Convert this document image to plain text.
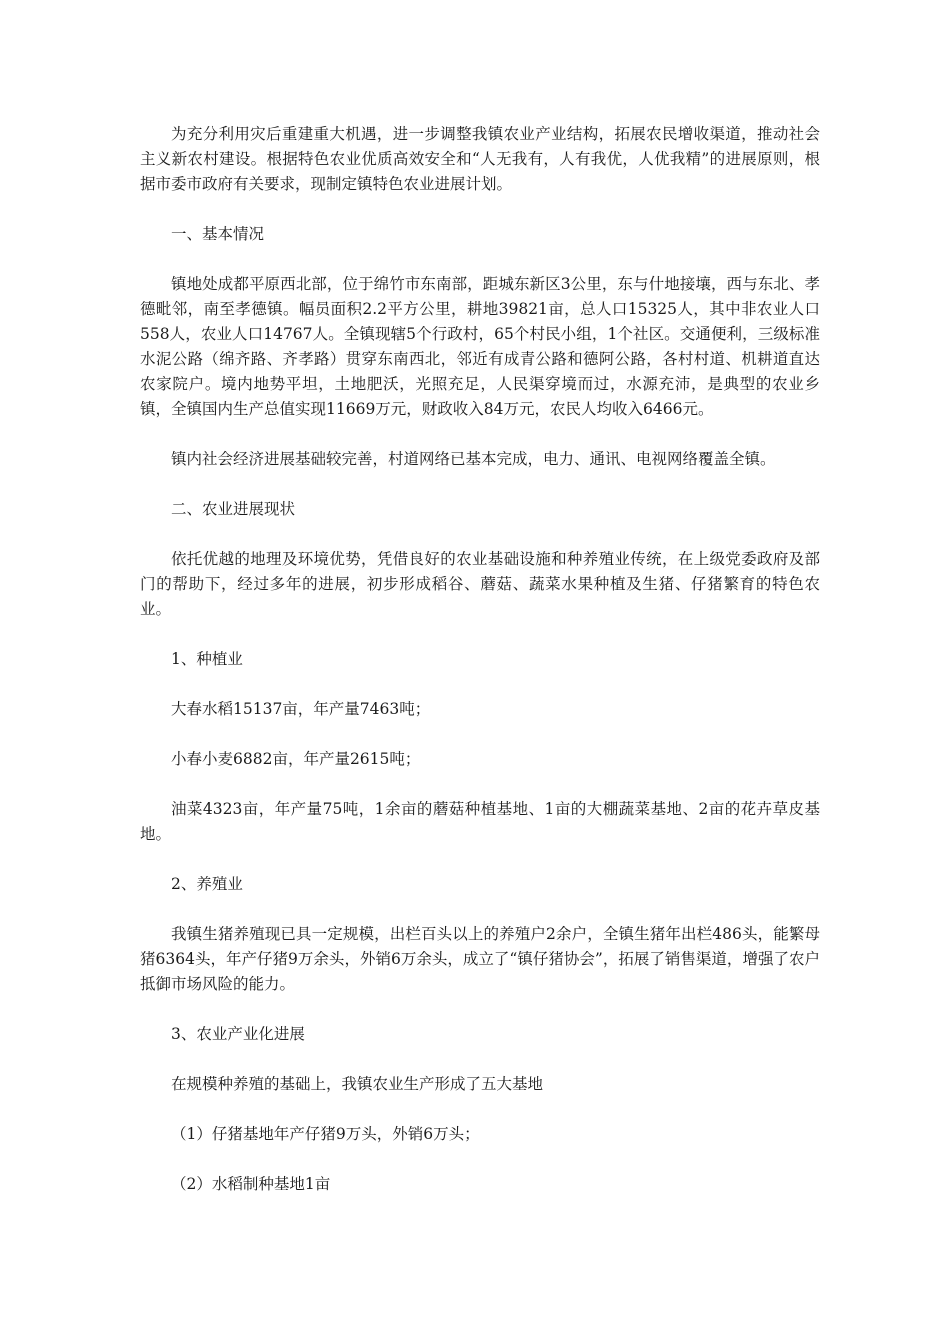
为充分利用灾后重建重大机遇，进一步调整我镇农业产业结构，拓展农民增收渠道，推动社会主义新农村建设。根据特色农业优质高效安全和“人无我有，人有我优，人优我精”的进展原则，根据市委市政府有关要求，现制定镇特色农业进展计划。

一、基本情况

镇地处成都平原西北部，位于绵竹市东南部，距城东新区3公里，东与什地接壤，西与东北、孝德毗邻，南至孝德镇。幅员面积2.2平方公里，耕地39821亩，总人口15325人，其中非农业人口558人，农业人口14767人。全镇现辖5个行政村，65个村民小组，1个社区。交通便利，三级标准水泥公路（绵齐路、齐孝路）贯穿东南西北，邻近有成青公路和德阿公路，各村村道、机耕道直达农家院户。境内地势平坦，土地肥沃，光照充足，人民渠穿境而过，水源充沛，是典型的农业乡镇，全镇国内生产总值实现11669万元，财政收入84万元，农民人均收入6466元。

镇内社会经济进展基础较完善，村道网络已基本完成，电力、通讯、电视网络覆盖全镇。

二、农业进展现状

依托优越的地理及环境优势，凭借良好的农业基础设施和种养殖业传统，在上级党委政府及部门的帮助下，经过多年的进展，初步形成稻谷、蘑菇、蔬菜水果种植及生猪、仔猪繁育的特色农业。

1、种植业

大春水稻15137亩，年产量7463吨；

小春小麦6882亩，年产量2615吨；

油菜4323亩，年产量75吨，1余亩的蘑菇种植基地、1亩的大棚蔬菜基地、2亩的花卉草皮基地。

2、养殖业

我镇生猪养殖现已具一定规模，出栏百头以上的养殖户2余户，全镇生猪年出栏486头，能繁母猪6364头，年产仔猪9万余头，外销6万余头，成立了“镇仔猪协会”，拓展了销售渠道，增强了农户抵御市场风险的能力。

3、农业产业化进展

在规模种养殖的基础上，我镇农业生产形成了五大基地

（1）仔猪基地年产仔猪9万头，外销6万头；

（2）水稻制种基地1亩
